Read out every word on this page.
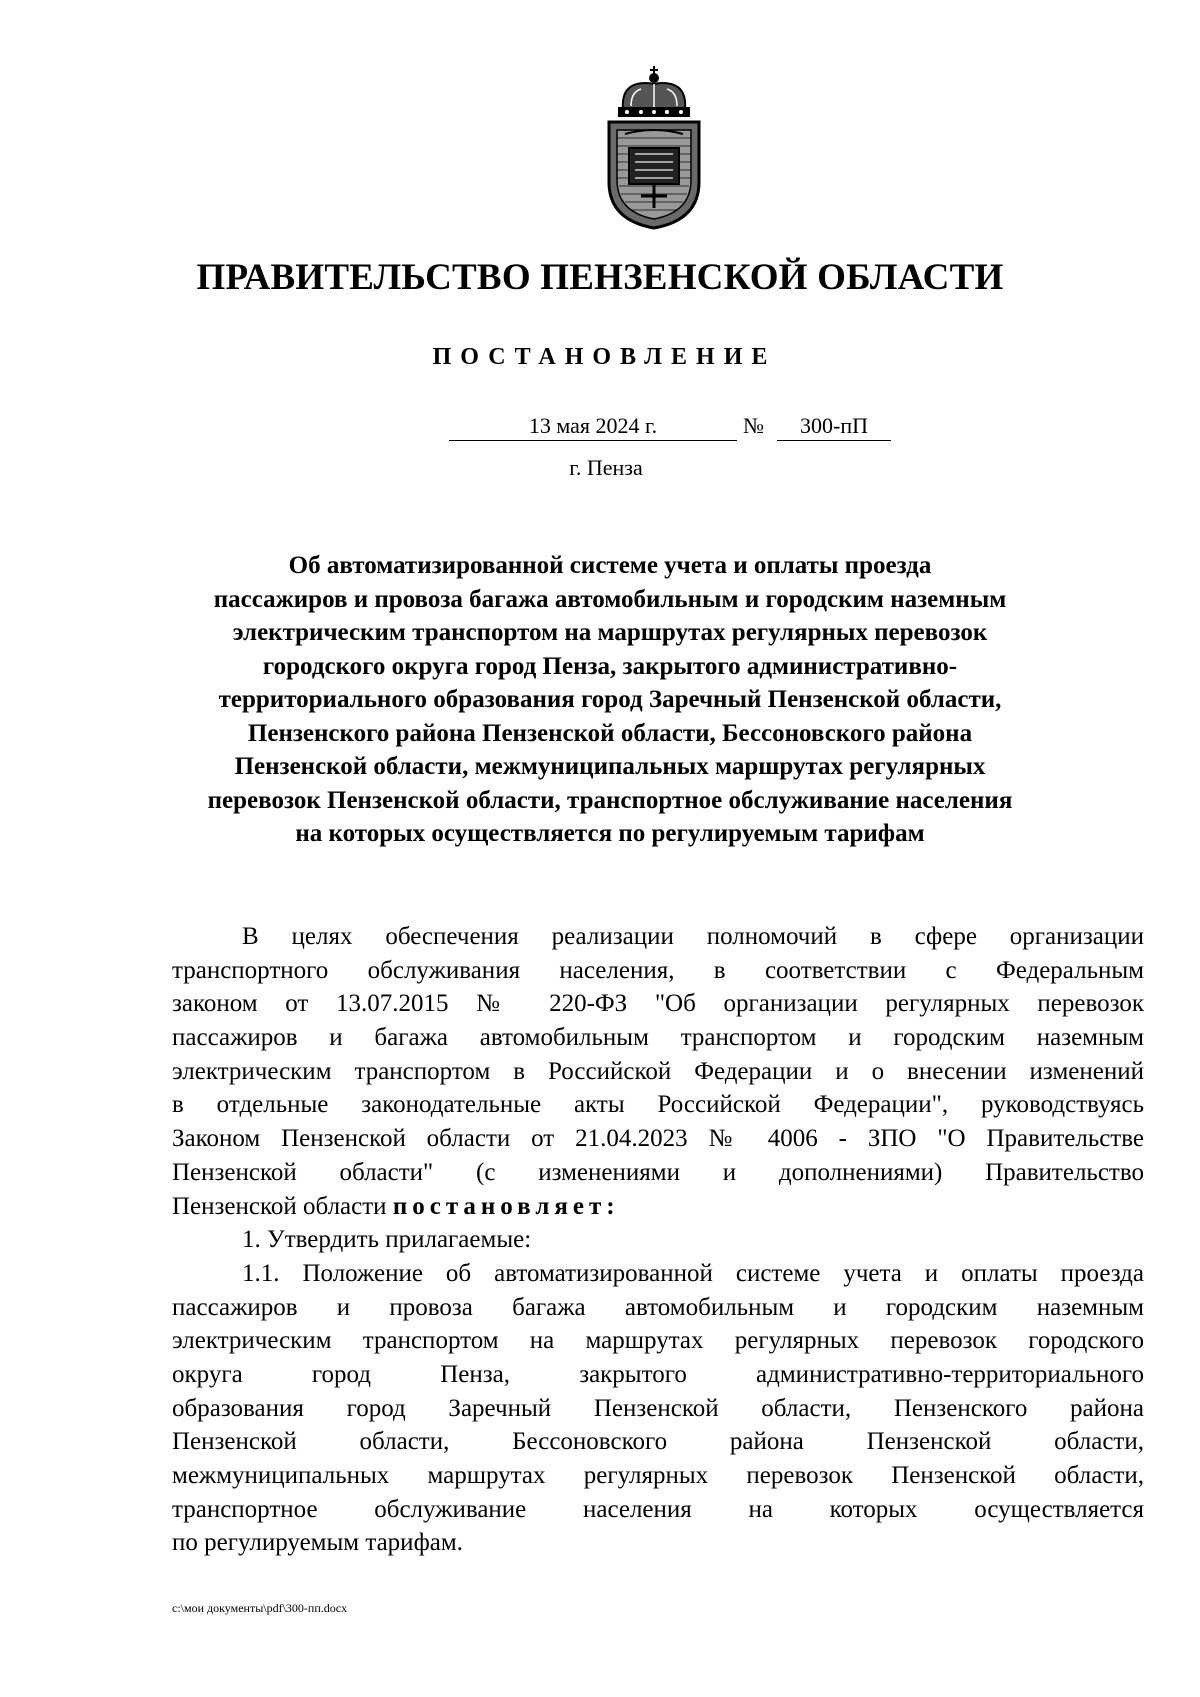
ПРАВИТЕЛЬСТВО ПЕНЗЕНСКОЙ ОБЛАСТИ
ПОСТАНОВЛЕНИЕ
13 мая 2024 г.	№	300-пП
г. Пенза
Об автоматизированной системе учета и оплаты проезда
пассажиров и провоза багажа автомобильным и городским наземным
электрическим транспортом на маршрутах регулярных перевозок
городского округа город Пенза, закрытого административно-
территориального образования город Заречный Пензенской области,
Пензенского района Пензенской области, Бессоновского района
Пензенской области, межмуниципальных маршрутах регулярных
перевозок Пензенской области, транспортное обслуживание населения
на которых осуществляется по регулируемым тарифам
В целях обеспечения реализации полномочий в сфере организации
транспортного обслуживания населения, в соответствии с Федеральным
законом от 13.07.2015 № 220-ФЗ "Об организации регулярных перевозок
пассажиров и багажа автомобильным транспортом и городским наземным
электрическим транспортом в Российской Федерации и о внесении изменений
в отдельные законодательные акты Российской Федерации", руководствуясь
Законом Пензенской области от 21.04.2023 № 4006 - ЗПО "О Правительстве
Пензенской области" (с изменениями и дополнениями) Правительство
Пензенской области постановляет:
1. Утвердить прилагаемые:
1.1. Положение об автоматизированной системе учета и оплаты проезда
пассажиров и провоза багажа автомобильным и городским наземным
электрическим транспортом на маршрутах регулярных перевозок городского
округа город Пенза, закрытого административно-территориального
образования город Заречный Пензенской области, Пензенского района
Пензенской области, Бессоновского района Пензенской области,
межмуниципальных маршрутах регулярных перевозок Пензенской области,
транспортное обслуживание населения на которых осуществляется
по регулируемым тарифам.
c:\мои документы\pdf\300-пп.docx
